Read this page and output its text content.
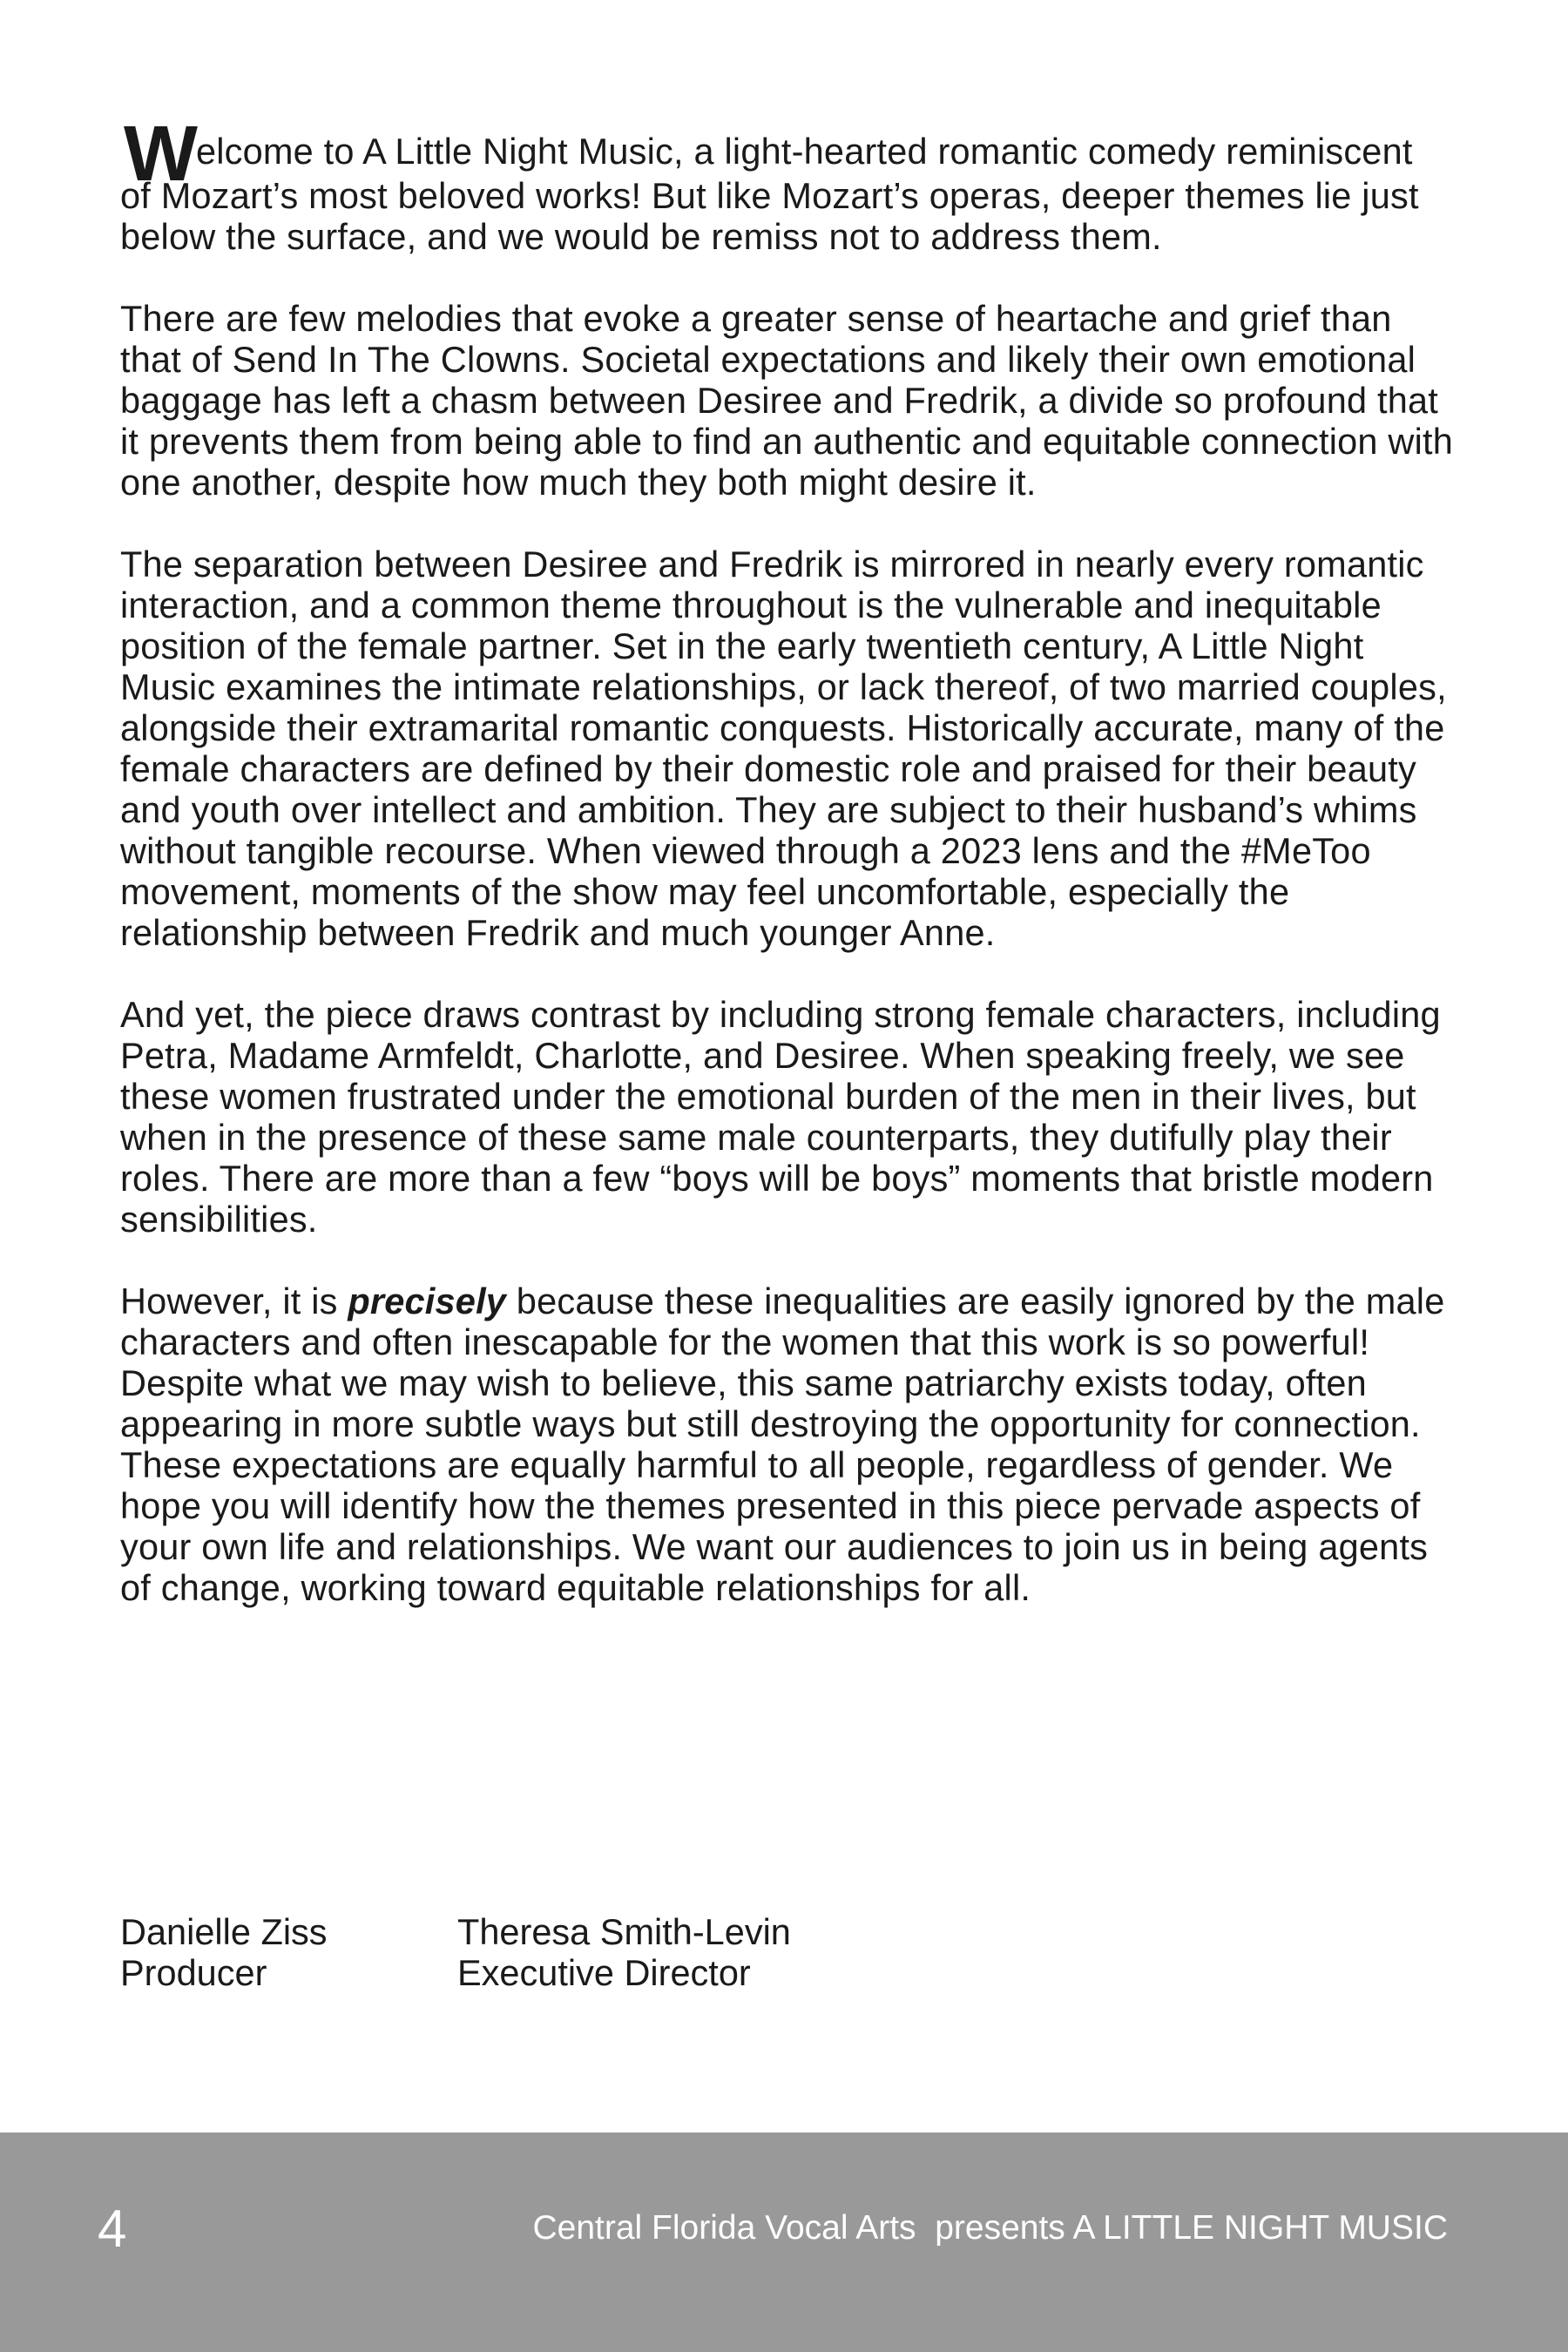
Welcome to A Little Night Music, a light-hearted romantic comedy reminiscent of Mozart’s most beloved works! But like Mozart’s operas, deeper themes lie just below the surface, and we would be remiss not to address them.

There are few melodies that evoke a greater sense of heartache and grief than that of Send In The Clowns. Societal expectations and likely their own emotional baggage has left a chasm between Desiree and Fredrik, a divide so profound that it prevents them from being able to find an authentic and equitable connection with one another, despite how much they both might desire it.

The separation between Desiree and Fredrik is mirrored in nearly every romantic interaction, and a common theme throughout is the vulnerable and inequitable position of the female partner. Set in the early twentieth century, A Little Night Music examines the intimate relationships, or lack thereof, of two married couples, alongside their extramarital romantic conquests. Historically accurate, many of the female characters are defined by their domestic role and praised for their beauty and youth over intellect and ambition. They are subject to their husband’s whims without tangible recourse. When viewed through a 2023 lens and the #MeToo movement, moments of the show may feel uncomfortable, especially the relationship between Fredrik and much younger Anne.

And yet, the piece draws contrast by including strong female characters, including Petra, Madame Armfeldt, Charlotte, and Desiree. When speaking freely, we see these women frustrated under the emotional burden of the men in their lives, but when in the presence of these same male counterparts, they dutifully play their roles. There are more than a few “boys will be boys” moments that bristle modern sensibilities.

However, it is precisely because these inequalities are easily ignored by the male characters and often inescapable for the women that this work is so powerful! Despite what we may wish to believe, this same patriarchy exists today, often appearing in more subtle ways but still destroying the opportunity for connection. These expectations are equally harmful to all people, regardless of gender. We hope you will identify how the themes presented in this piece pervade aspects of your own life and relationships. We want our audiences to join us in being agents of change, working toward equitable relationships for all.

Danielle Ziss
Producer
Theresa Smith-Levin
Executive Director
4	Central Florida Vocal Arts  presents A LITTLE NIGHT MUSIC
